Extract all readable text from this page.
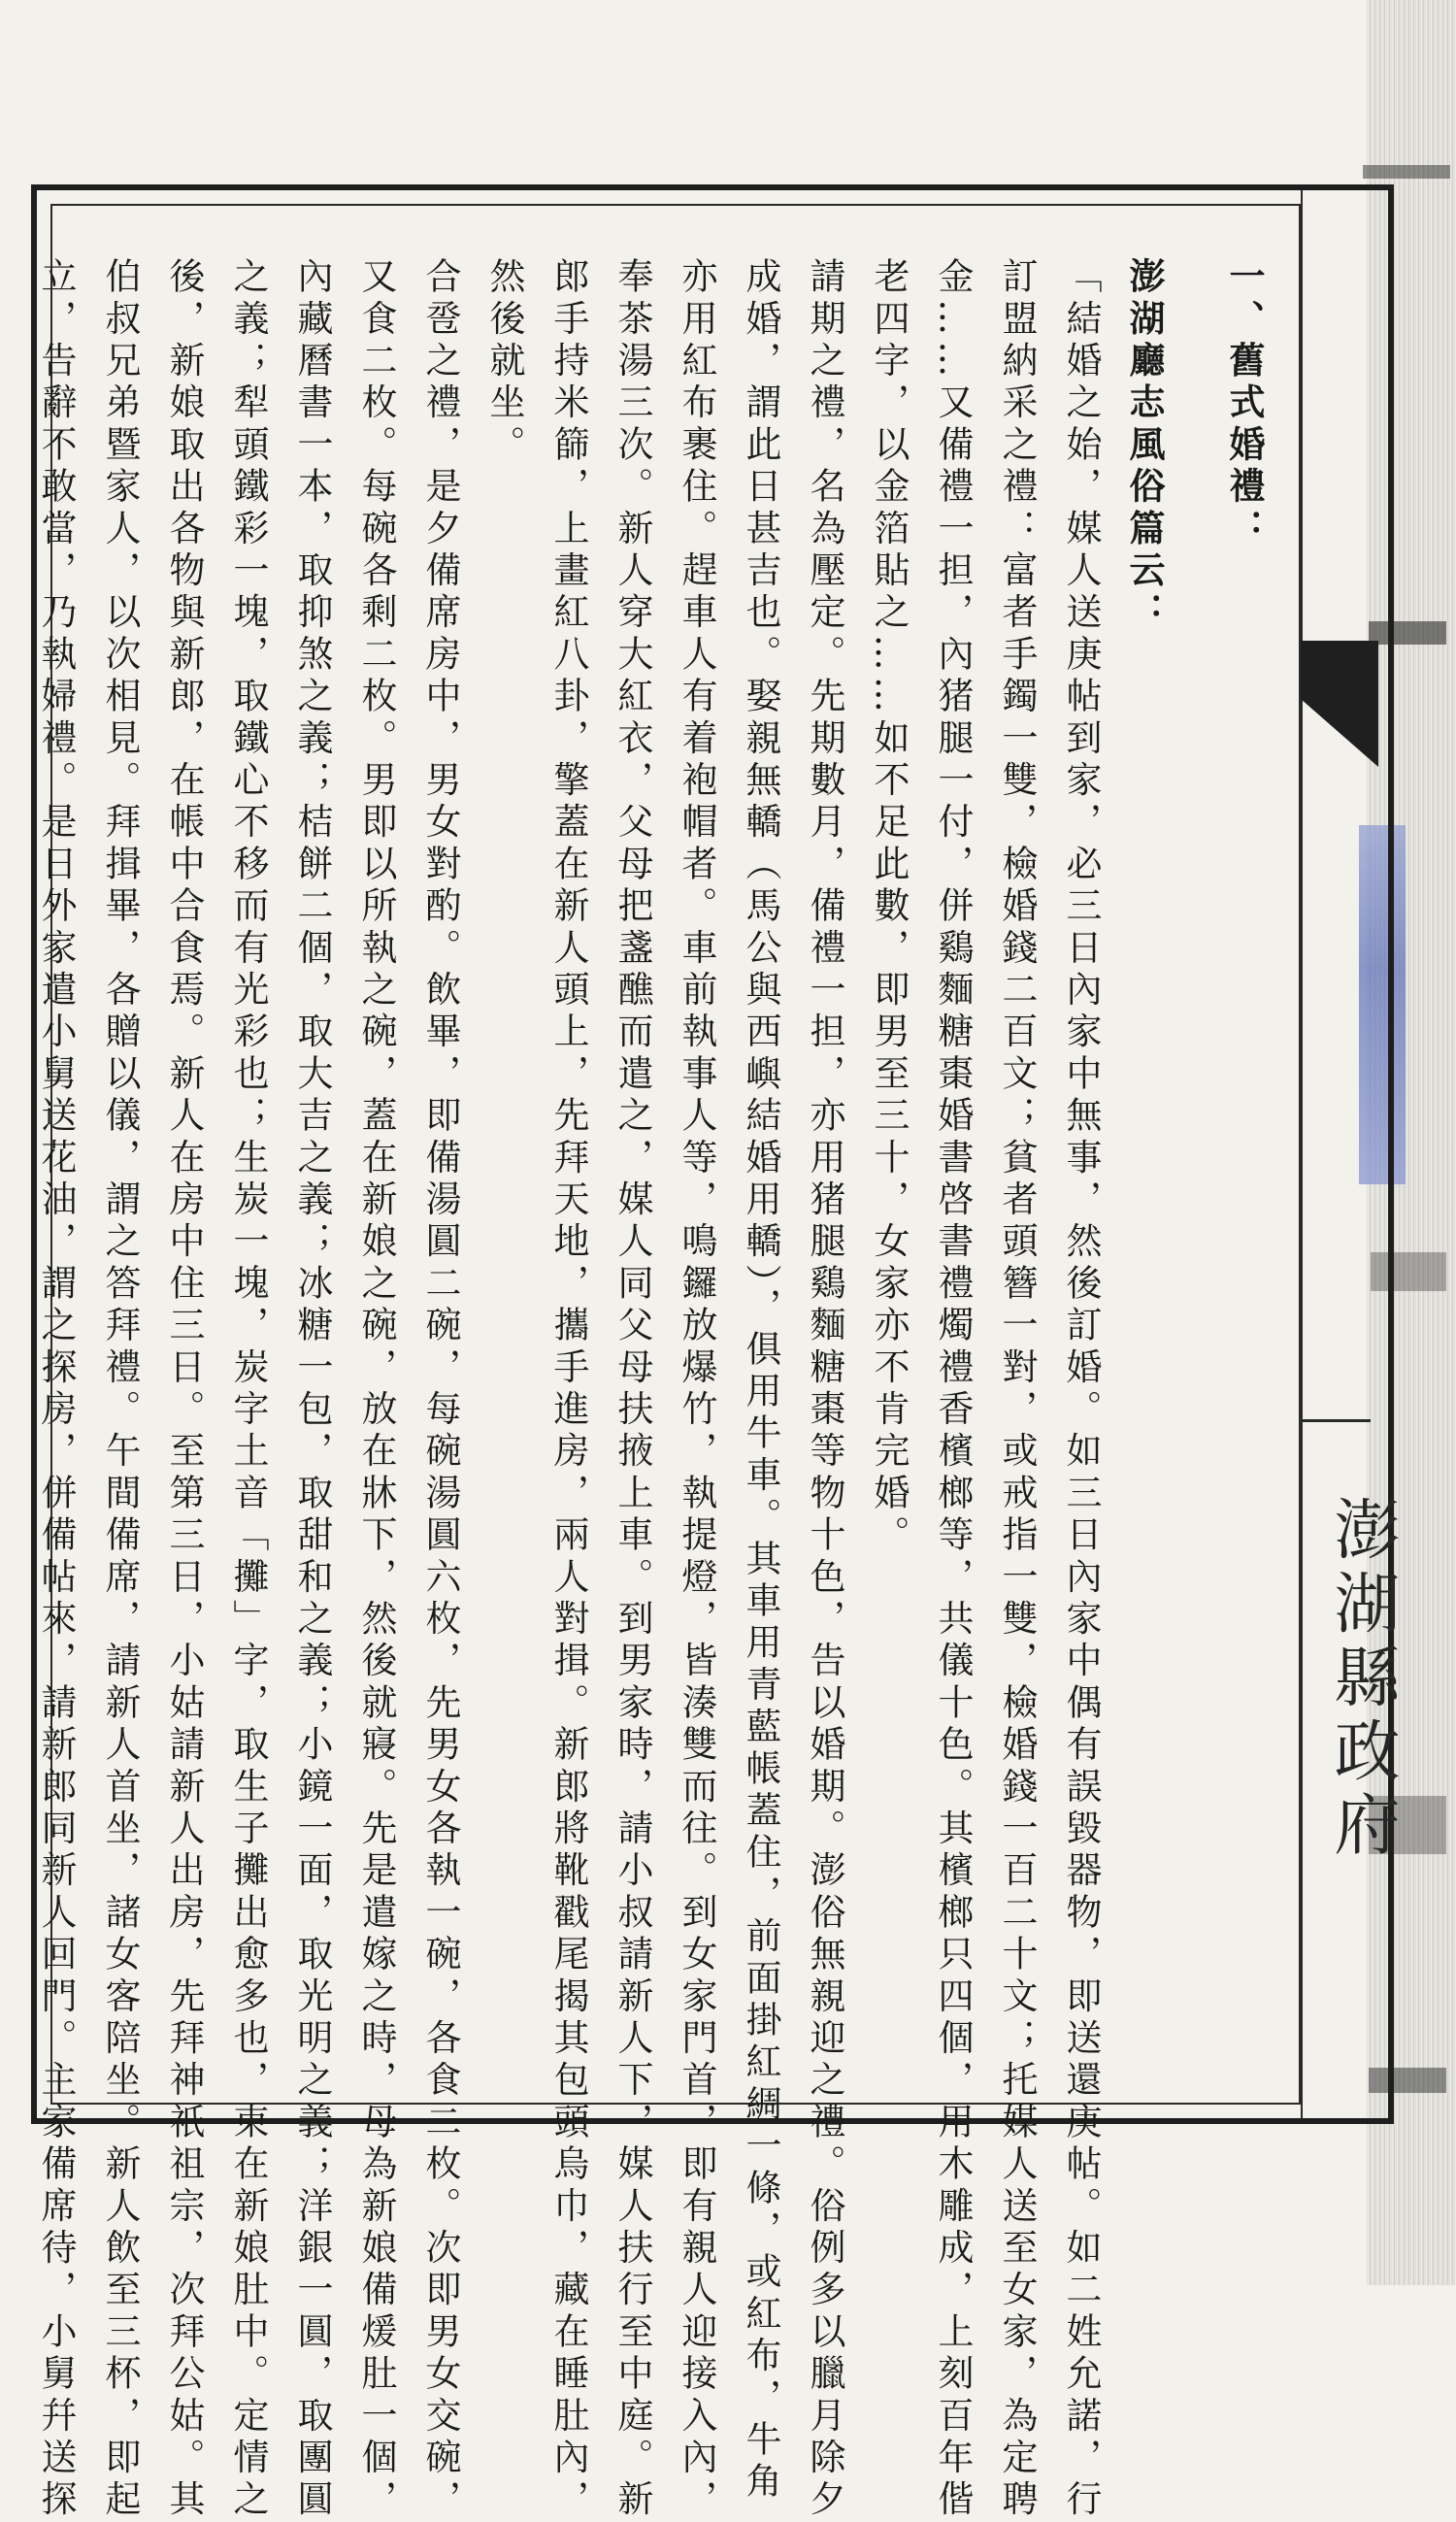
澎湖縣政府
一、舊式婚禮：
澎湖廳志風俗篇云：
「結婚之始，媒人送庚帖到家，必三日內家中無事，然後訂婚。如三日內家中偶有誤毀器物，即送還庚帖。如二姓允諾，行
訂盟納采之禮：富者手鐲一雙，檢婚錢二百文；貧者頭簪一對，或戒指一雙，檢婚錢一百二十文；托媒人送至女家，為定聘
金……又備禮一担，內猪腿一付，併鷄麵糖棗婚書啓書禮燭禮香檳榔等，共儀十色。其檳榔只四個，用木雕成，上刻百年偕
老四字，以金箔貼之……如不足此數，即男至三十，女家亦不肯完婚。
請期之禮，名為壓定。先期數月，備禮一担，亦用猪腿鷄麵糖棗等物十色，告以婚期。澎俗無親迎之禮。俗例多以臘月除夕
成婚，謂此日甚吉也。娶親無轎（馬公與西嶼結婚用轎），俱用牛車。其車用青藍帳蓋住，前面掛紅綢一條，或紅布，牛角
亦用紅布裹住。趕車人有着袍帽者。車前執事人等，鳴鑼放爆竹，執提燈，皆湊雙而往。到女家門首，即有親人迎接入內，
奉茶湯三次。新人穿大紅衣，父母把盞醮而遣之，媒人同父母扶掖上車。到男家時，請小叔請新人下，媒人扶行至中庭。新
郎手持米篩，上畫紅八卦，擎蓋在新人頭上，先拜天地，攜手進房，兩人對揖。新郎將靴戳尾揭其包頭烏巾，藏在睡肚內，
然後就坐。
合卺之禮，是夕備席房中，男女對酌。飲畢，即備湯圓二碗，每碗湯圓六枚，先男女各執一碗，各食二枚。次即男女交碗，
又食二枚。每碗各剩二枚。男即以所執之碗，蓋在新娘之碗，放在牀下，然後就寢。先是遣嫁之時，母為新娘備煖肚一個，
內藏曆書一本，取抑煞之義；桔餅二個，取大吉之義；冰糖一包，取甜和之義；小鏡一面，取光明之義；洋銀一圓，取團圓
之義；犁頭鐵彩一塊，取鐵心不移而有光彩也；生炭一塊，炭字土音「攤」字，取生子攤出愈多也，束在新娘肚中。定情之
後，新娘取出各物與新郎，在帳中合食焉。新人在房中住三日。至第三日，小姑請新人出房，先拜神祇祖宗，次拜公姑。其
伯叔兄弟暨家人，以次相見。拜揖畢，各贈以儀，謂之答拜禮。午間備席，請新人首坐，諸女客陪坐。新人飲至三杯，即起
立，告辭不敢當，乃執婦禮。是日外家遣小舅送花油，謂之探房，併備帖來，請新郎同新人回門。主家備席待，小舅幷送探
